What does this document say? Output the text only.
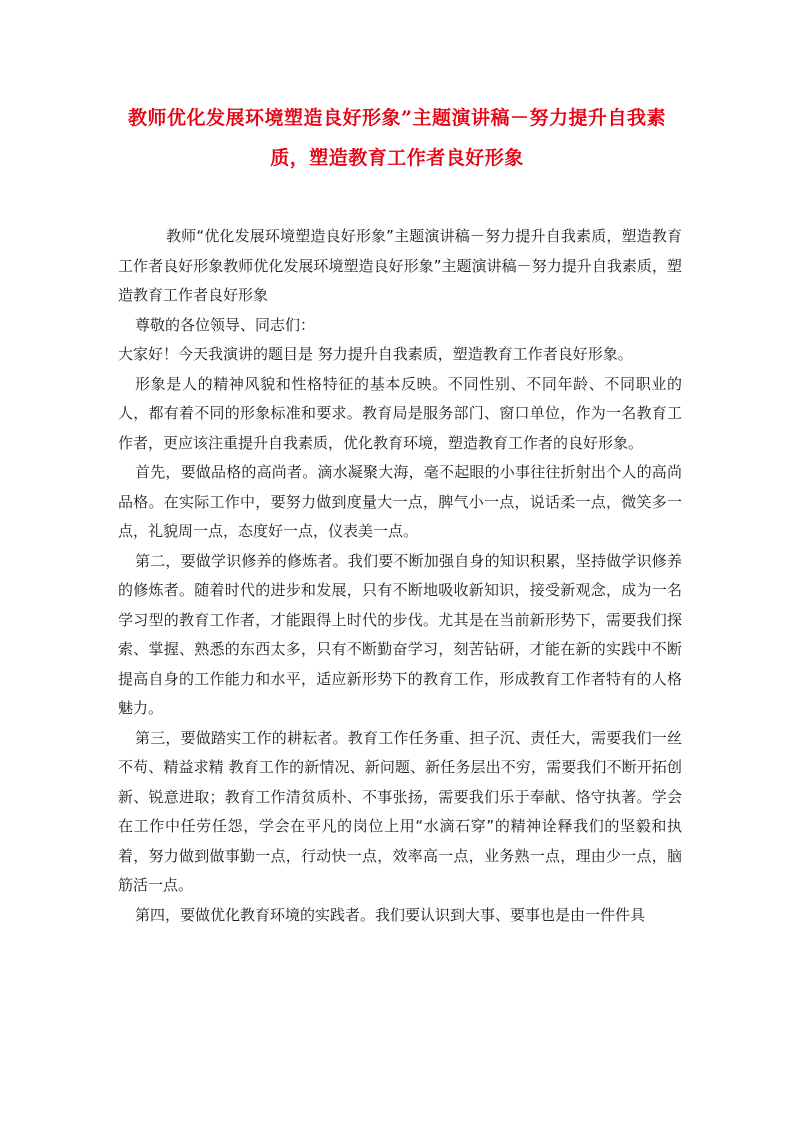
教师优化发展环境塑造良好形象”主题演讲稿－努力提升自我素质，塑造教育工作者良好形象

教师“优化发展环境塑造良好形象”主题演讲稿－努力提升自我素质，塑造教育工作者良好形象教师优化发展环境塑造良好形象”主题演讲稿－努力提升自我素质，塑造教育工作者良好形象

尊敬的各位领导、同志们：

大家好！今天我演讲的题目是 努力提升自我素质，塑造教育工作者良好形象。

形象是人的精神风貌和性格特征的基本反映。不同性别、不同年龄、不同职业的人，都有着不同的形象标准和要求。教育局是服务部门、窗口单位，作为一名教育工作者，更应该注重提升自我素质，优化教育环境，塑造教育工作者的良好形象。

首先，要做品格的高尚者。滴水凝聚大海，毫不起眼的小事往往折射出个人的高尚品格。在实际工作中，要努力做到度量大一点，脾气小一点，说话柔一点，微笑多一点，礼貌周一点，态度好一点，仪表美一点。

第二，要做学识修养的修炼者。我们要不断加强自身的知识积累，坚持做学识修养的修炼者。随着时代的进步和发展，只有不断地吸收新知识，接受新观念，成为一名学习型的教育工作者，才能跟得上时代的步伐。尤其是在当前新形势下，需要我们探索、掌握、熟悉的东西太多，只有不断勤奋学习，刻苦钻研，才能在新的实践中不断提高自身的工作能力和水平，适应新形势下的教育工作，形成教育工作者特有的人格魅力。

第三，要做踏实工作的耕耘者。教育工作任务重、担子沉、责任大，需要我们一丝不苟、精益求精 教育工作的新情况、新问题、新任务层出不穷，需要我们不断开拓创新、锐意进取；教育工作清贫质朴、不事张扬，需要我们乐于奉献、恪守执著。学会在工作中任劳任怨，学会在平凡的岗位上用“水滴石穿”的精神诠释我们的坚毅和执着，努力做到做事勤一点，行动快一点，效率高一点，业务熟一点，理由少一点，脑筋活一点。

第四，要做优化教育环境的实践者。我们要认识到大事、要事也是由一件件具
